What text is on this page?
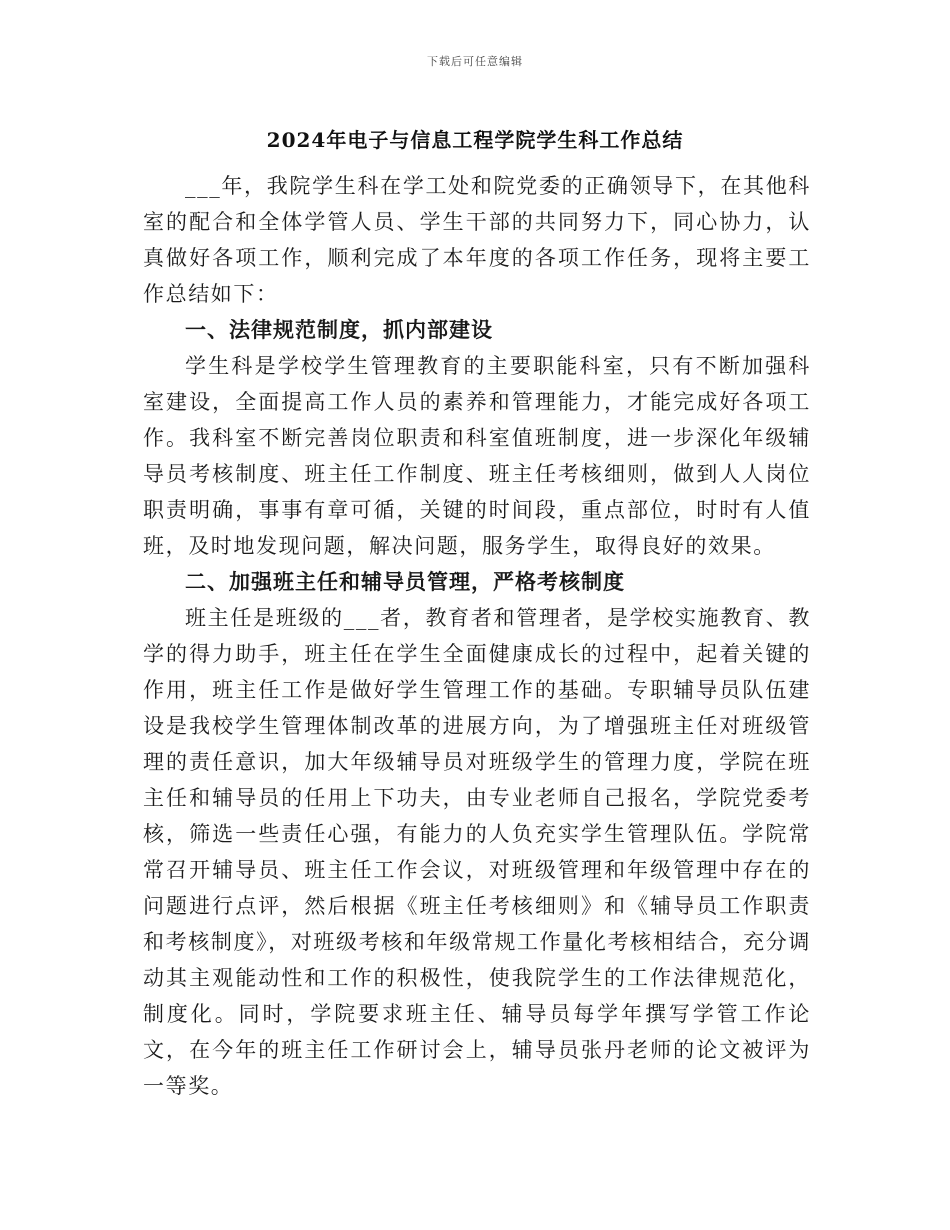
下载后可任意编辑
2024年电子与信息工程学院学生科工作总结

___年，我院学生科在学工处和院党委的正确领导下，在其他科室的配合和全体学管人员、学生干部的共同努力下，同心协力，认真做好各项工作，顺利完成了本年度的各项工作任务，现将主要工作总结如下：

一、法律规范制度，抓内部建设

学生科是学校学生管理教育的主要职能科室，只有不断加强科室建设，全面提高工作人员的素养和管理能力，才能完成好各项工作。我科室不断完善岗位职责和科室值班制度，进一步深化年级辅导员考核制度、班主任工作制度、班主任考核细则，做到人人岗位职责明确，事事有章可循，关键的时间段，重点部位，时时有人值班，及时地发现问题，解决问题，服务学生，取得良好的效果。

二、加强班主任和辅导员管理，严格考核制度

班主任是班级的___者，教育者和管理者，是学校实施教育、教学的得力助手，班主任在学生全面健康成长的过程中，起着关键的作用，班主任工作是做好学生管理工作的基础。专职辅导员队伍建设是我校学生管理体制改革的进展方向，为了增强班主任对班级管理的责任意识，加大年级辅导员对班级学生的管理力度，学院在班主任和辅导员的任用上下功夫，由专业老师自己报名，学院党委考核，筛选一些责任心强，有能力的人负充实学生管理队伍。学院常常召开辅导员、班主任工作会议，对班级管理和年级管理中存在的问题进行点评，然后根据《班主任考核细则》和《辅导员工作职责和考核制度》，对班级考核和年级常规工作量化考核相结合，充分调动其主观能动性和工作的积极性，使我院学生的工作法律规范化，制度化。同时，学院要求班主任、辅导员每学年撰写学管工作论文，在今年的班主任工作研讨会上，辅导员张丹老师的论文被评为一等奖。
